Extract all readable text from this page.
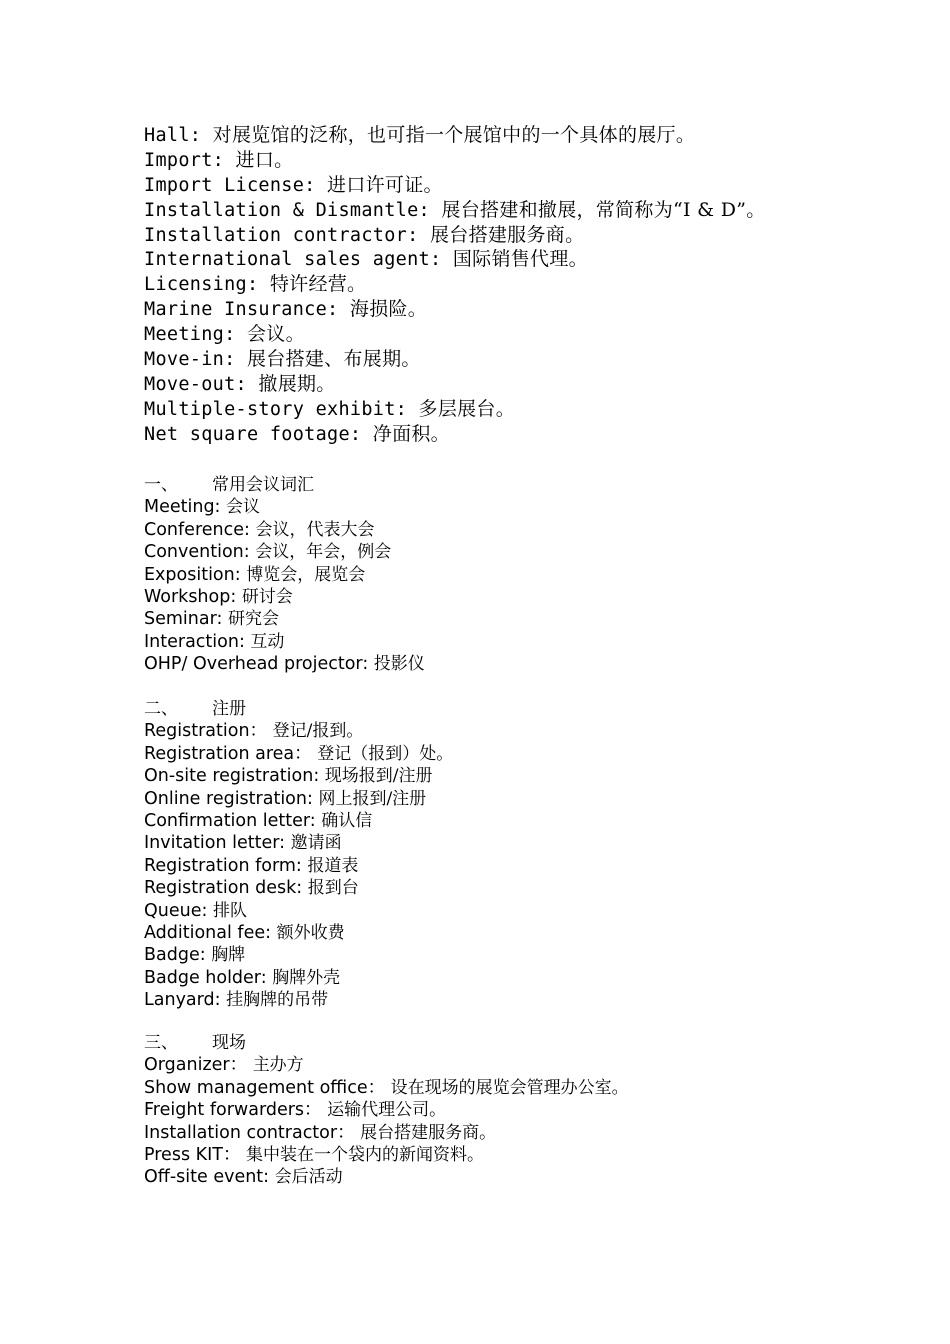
Hall: 对展览馆的泛称，也可指一个展馆中的一个具体的展厅。
Import: 进口。
Import License: 进口许可证。
Installation & Dismantle: 展台搭建和撤展，常简称为“I & D”。
Installation contractor: 展台搭建服务商。
International sales agent: 国际销售代理。
Licensing: 特许经营。
Marine Insurance: 海损险。
Meeting: 会议。
Move-in: 展台搭建、布展期。
Move-out: 撤展期。
Multiple-story exhibit: 多层展台。
Net square footage: 净面积。
一、 常用会议词汇
Meeting: 会议
Conference: 会议，代表大会
Convention: 会议，年会，例会
Exposition: 博览会，展览会
Workshop: 研讨会
Seminar: 研究会
Interaction: 互动
OHP/ Overhead projector: 投影仪
二、 注册
Registration： 登记/报到。
Registration area： 登记（报到）处。
On-site registration: 现场报到/注册
Online registration: 网上报到/注册
Confirmation letter: 确认信
Invitation letter: 邀请函
Registration form: 报道表
Registration desk: 报到台
Queue: 排队
Additional fee: 额外收费
Badge: 胸牌
Badge holder: 胸牌外壳
Lanyard: 挂胸牌的吊带
三、 现场
Organizer： 主办方
Show management office： 设在现场的展览会管理办公室。
Freight forwarders： 运输代理公司。
Installation contractor： 展台搭建服务商。
Press KIT： 集中装在一个袋内的新闻资料。
Off-site event: 会后活动
